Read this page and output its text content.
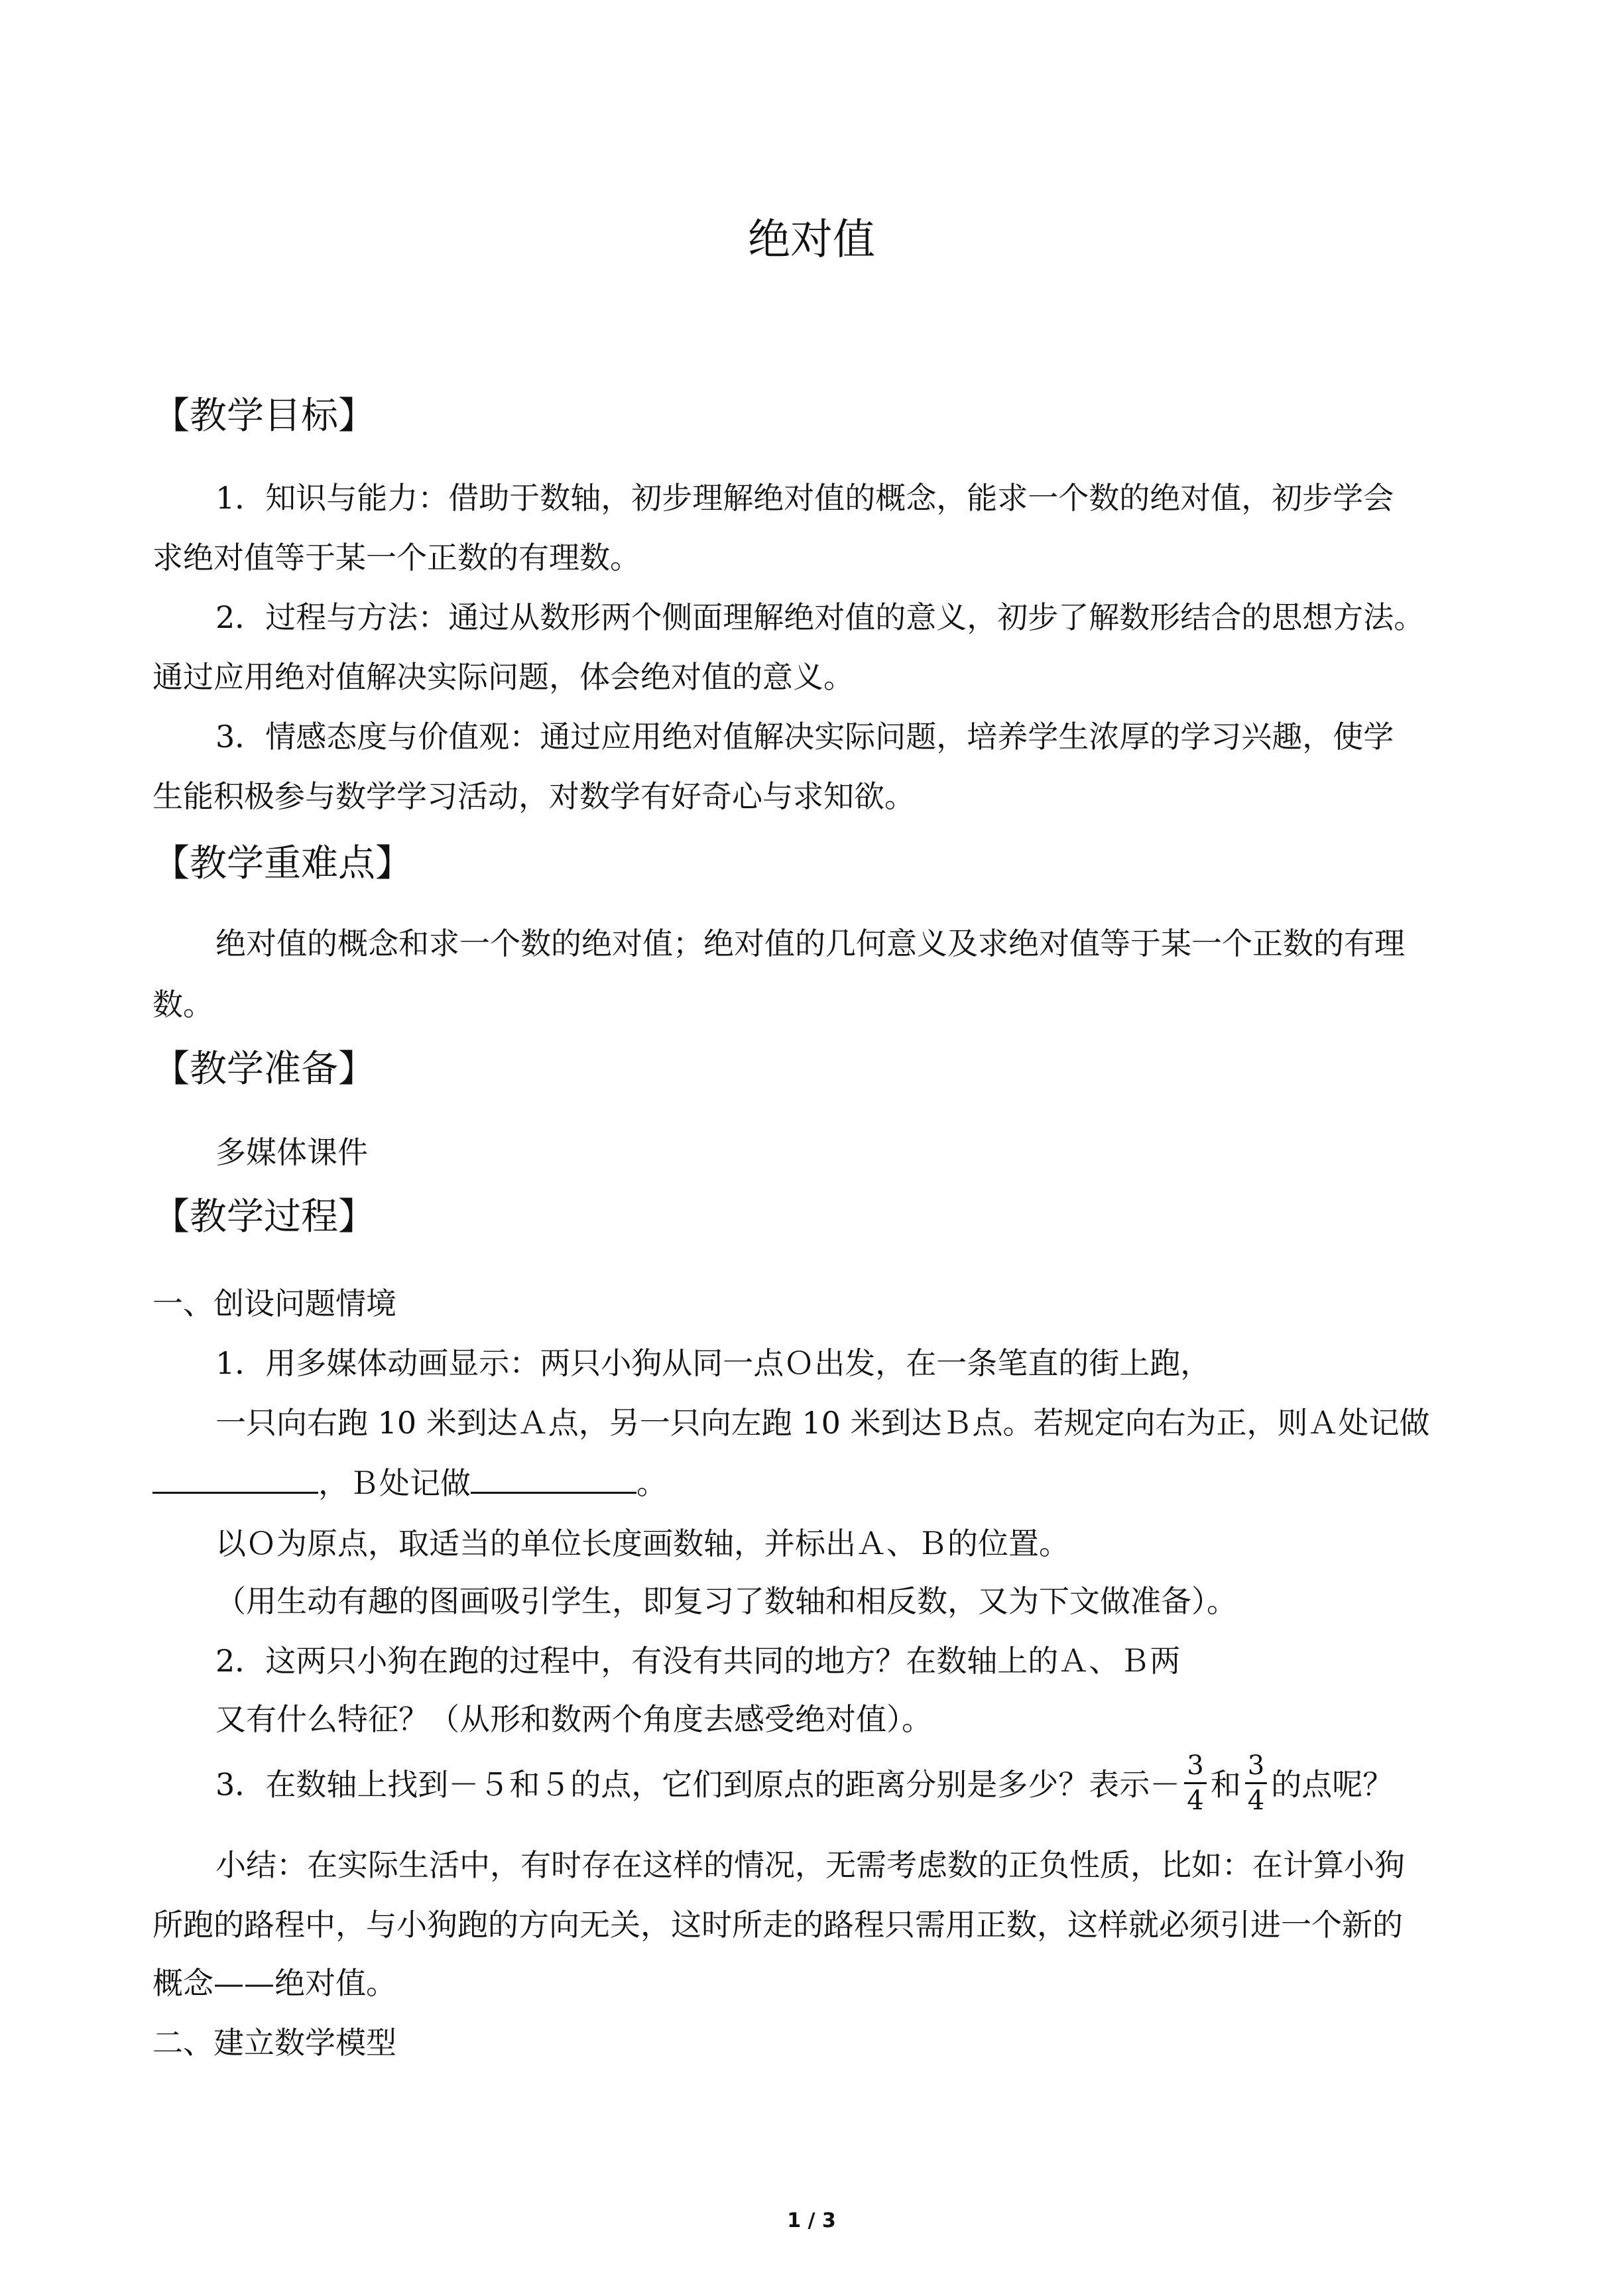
绝对值
【教学目标】
1．知识与能力：借助于数轴，初步理解绝对值的概念，能求一个数的绝对值，初步学会
求绝对值等于某一个正数的有理数。
2．过程与方法：通过从数形两个侧面理解绝对值的意义，初步了解数形结合的思想方法。
通过应用绝对值解决实际问题，体会绝对值的意义。
3．情感态度与价值观：通过应用绝对值解决实际问题，培养学生浓厚的学习兴趣，使学
生能积极参与数学学习活动，对数学有好奇心与求知欲。
【教学重难点】
绝对值的概念和求一个数的绝对值；绝对值的几何意义及求绝对值等于某一个正数的有理
数。
【教学准备】
多媒体课件
【教学过程】
一、创设问题情境
1．用多媒体动画显示：两只小狗从同一点Ｏ出发，在一条笔直的街上跑，
一只向右跑 10 米到达Ａ点，另一只向左跑 10 米到达Ｂ点。若规定向右为正，则Ａ处记做
，Ｂ处记做	。
以Ｏ为原点，取适当的单位长度画数轴，并标出Ａ、Ｂ的位置。
（用生动有趣的图画吸引学生，即复习了数轴和相反数，又为下文做准备）。
2．这两只小狗在跑的过程中，有没有共同的地方？在数轴上的Ａ、Ｂ两
又有什么特征？（从形和数两个角度去感受绝对值）。
3．在数轴上找到－５和５的点，它们到原点的距离分别是多少？表示－ $\frac{3}{4}$ 和 $\frac{3}{4}$ 的点呢？
小结：在实际生活中，有时存在这样的情况，无需考虑数的正负性质，比如：在计算小狗
所跑的路程中，与小狗跑的方向无关，这时所走的路程只需用正数，这样就必须引进一个新的
概念——绝对值。
二、建立数学模型
1 / 3
